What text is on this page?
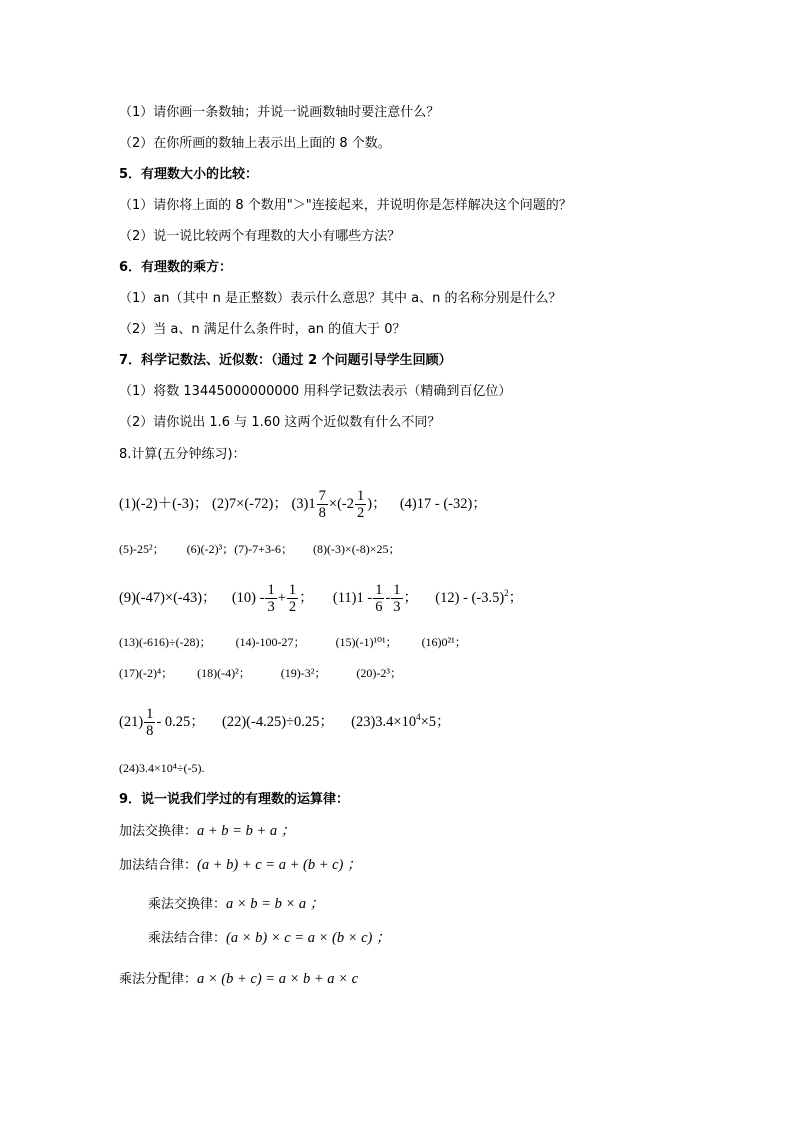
（1）请你画一条数轴；并说一说画数轴时要注意什么？
（2）在你所画的数轴上表示出上面的 8 个数。
5．有理数大小的比较：
（1）请你将上面的 8 个数用"＞"连接起来，并说明你是怎样解决这个问题的？
（2）说一说比较两个有理数的大小有哪些方法？
6．有理数的乘方：
（1）an（其中 n 是正整数）表示什么意思？其中 a、n 的名称分别是什么？
（2）当 a、n 满足什么条件时，an 的值大于 0？
7．科学记数法、近似数：（通过 2 个问题引导学生回顾）
（1）将数 13445000000000 用科学记数法表示（精确到百亿位）
（2）请你说出 1.6 与 1.60 这两个近似数有什么不同？
8.计算(五分钟练习)：
(1)(-2)＋(-3)； (2)7×(-72)； $(3)1 \frac{7}{8} \times(-2 \frac{1}{2}$ )； (4)17 - (-32)；
(5)-25²； (6)(-2)³；(7)-7+3-6； (8)(-3)×(-8)×25；
(9)(-47)×(-43)； $(10) - \frac{1}{3} + \frac{1}{2}$ ； $(11)1 - \frac{1}{6} - \frac{1}{3}$ ； $(12) - (-3.5)^2$；
(13)(-616)÷(-28)； (14)-100-27；	(15)(-1)¹⁰¹； (16)0²¹；
(17)(-2)⁴； (18)(-4)²；	(19)-3²；	(20)-2³；
$(21) \frac{1}{8} - 0.25$； (22)(-4.25)÷0.25； $(23)3.4\times 10^4\times 5$；
(24)3.4×10⁴÷(-5).
9．说一说我们学过的有理数的运算律：
加法交换律：a + b = b + a ；
加法结合律：(a + b) + c = a + (b + c) ；
乘法交换律：a × b = b × a ；
乘法结合律：(a × b) × c = a × (b × c) ；
乘法分配律：a × (b + c) = a × b + a × c
